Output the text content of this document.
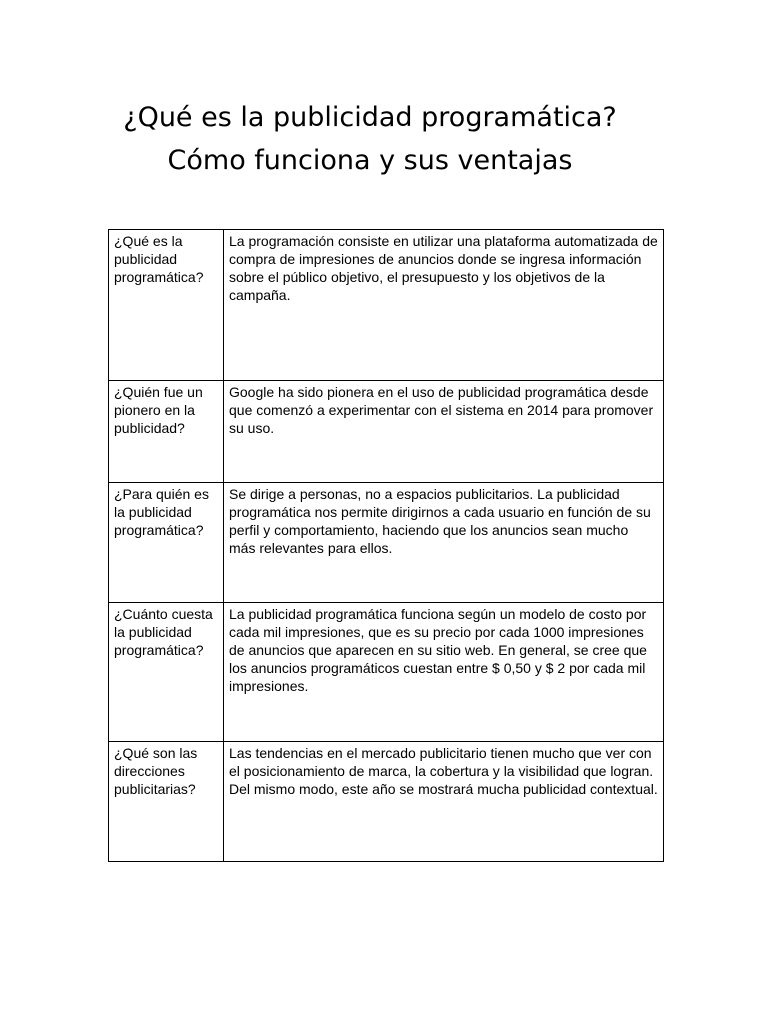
¿Qué es la publicidad programática?
Cómo funciona y sus ventajas
¿Qué es la publicidad programática?	La programación consiste en utilizar una plataforma automatizada de compra de impresiones de anuncios donde se ingresa información sobre el público objetivo, el presupuesto y los objetivos de la campaña.
¿Quién fue un pionero en la publicidad?	Google ha sido pionera en el uso de publicidad programática desde que comenzó a experimentar con el sistema en 2014 para promover su uso.
¿Para quién es la publicidad programática?	Se dirige a personas, no a espacios publicitarios. La publicidad programática nos permite dirigirnos a cada usuario en función de su perfil y comportamiento, haciendo que los anuncios sean mucho más relevantes para ellos.
¿Cuánto cuesta la publicidad programática?	La publicidad programática funciona según un modelo de costo por cada mil impresiones, que es su precio por cada 1000 impresiones de anuncios que aparecen en su sitio web. En general, se cree que los anuncios programáticos cuestan entre $ 0,50 y $ 2 por cada mil impresiones.
¿Qué son las direcciones publicitarias?	Las tendencias en el mercado publicitario tienen mucho que ver con el posicionamiento de marca, la cobertura y la visibilidad que logran. Del mismo modo, este año se mostrará mucha publicidad contextual.
